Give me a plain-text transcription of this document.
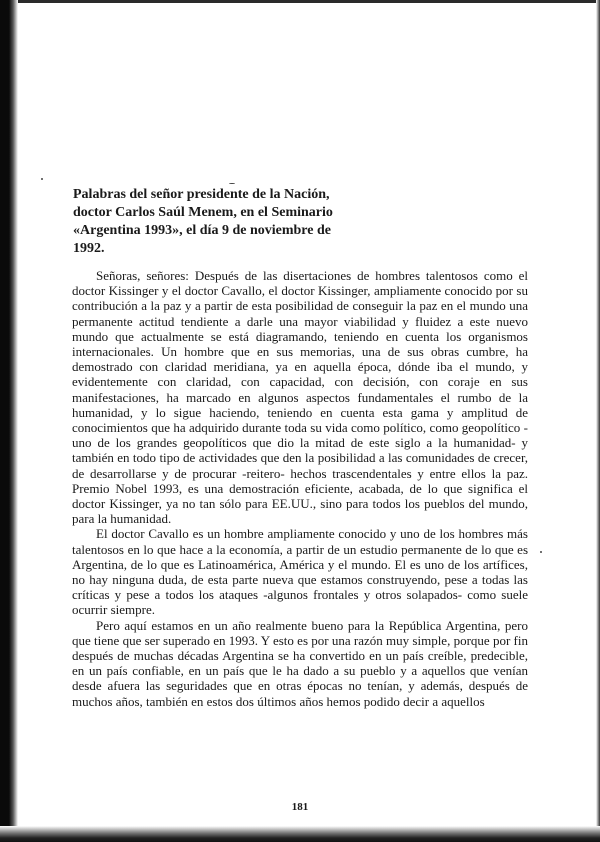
Palabras del señor presidente de la Nación, doctor Carlos Saúl Menem, en el Seminario «Argentina 1993», el día 9 de noviembre de 1992.

Señoras, señores: Después de las disertaciones de hombres talentosos como el doctor Kissinger y el doctor Cavallo, el doctor Kissinger, ampliamente conocido por su contribución a la paz y a partir de esta posibilidad de conseguir la paz en el mundo una permanente actitud tendiente a darle una mayor viabilidad y fluidez a este nuevo mundo que actualmente se está diagramando, teniendo en cuenta los organismos internacionales. Un hombre que en sus memorias, una de sus obras cumbre, ha demostrado con claridad meridiana, ya en aquella época, dónde iba el mundo, y evidentemente con claridad, con capacidad, con decisión, con coraje en sus manifestaciones, ha marcado en algunos aspectos fundamentales el rumbo de la humanidad, y lo sigue haciendo, teniendo en cuenta esta gama y amplitud de conocimientos que ha adquirido durante toda su vida como político, como geopolítico -uno de los grandes geopolíticos que dio la mitad de este siglo a la humanidad- y también en todo tipo de actividades que den la posibilidad a las comunidades de crecer, de desarrollarse y de procurar -reitero- hechos trascendentales y entre ellos la paz. Premio Nobel 1993, es una demostración eficiente, acabada, de lo que significa el doctor Kissinger, ya no tan sólo para EE.UU., sino para todos los pueblos del mundo, para la humanidad.

El doctor Cavallo es un hombre ampliamente conocido y uno de los hombres más talentosos en lo que hace a la economía, a partir de un estudio permanente de lo que es Argentina, de lo que es Latinoamérica, América y el mundo. El es uno de los artífices, no hay ninguna duda, de esta parte nueva que estamos construyendo, pese a todas las críticas y pese a todos los ataques -algunos frontales y otros solapados- como suele ocurrir siempre.

Pero aquí estamos en un año realmente bueno para la República Argentina, pero que tiene que ser superado en 1993. Y esto es por una razón muy simple, porque por fin después de muchas décadas Argentina se ha convertido en un país creíble, predecible, en un país confiable, en un país que le ha dado a su pueblo y a aquellos que venían desde afuera las seguridades que en otras épocas no tenían, y además, después de muchos años, también en estos dos últimos años hemos podido decir a aquellos

181
